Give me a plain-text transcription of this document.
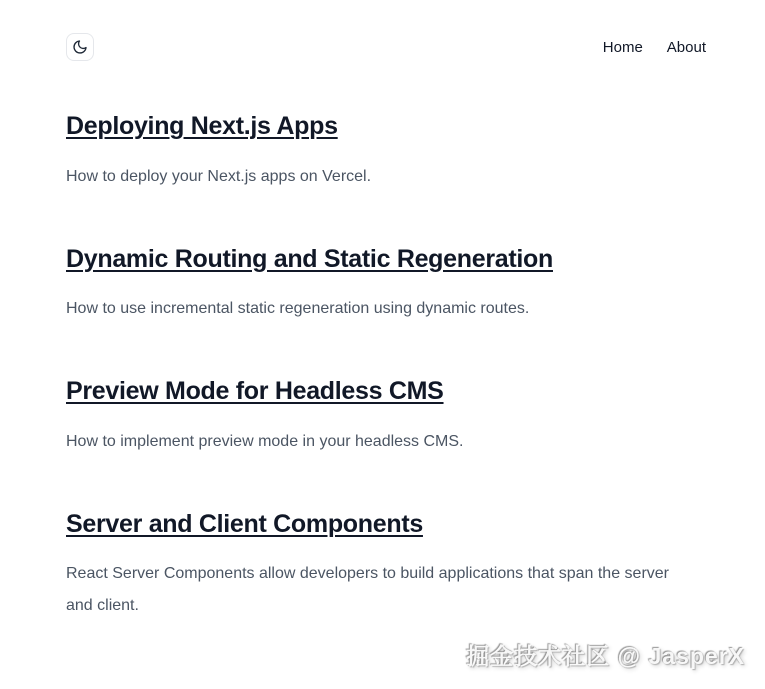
Home About
Deploying Next.js Apps

How to deploy your Next.js apps on Vercel.

Dynamic Routing and Static Regeneration

How to use incremental static regeneration using dynamic routes.

Preview Mode for Headless CMS

How to implement preview mode in your headless CMS.

Server and Client Components

React Server Components allow developers to build applications that span the server and client.

掘金技术社区 @ JasperX
